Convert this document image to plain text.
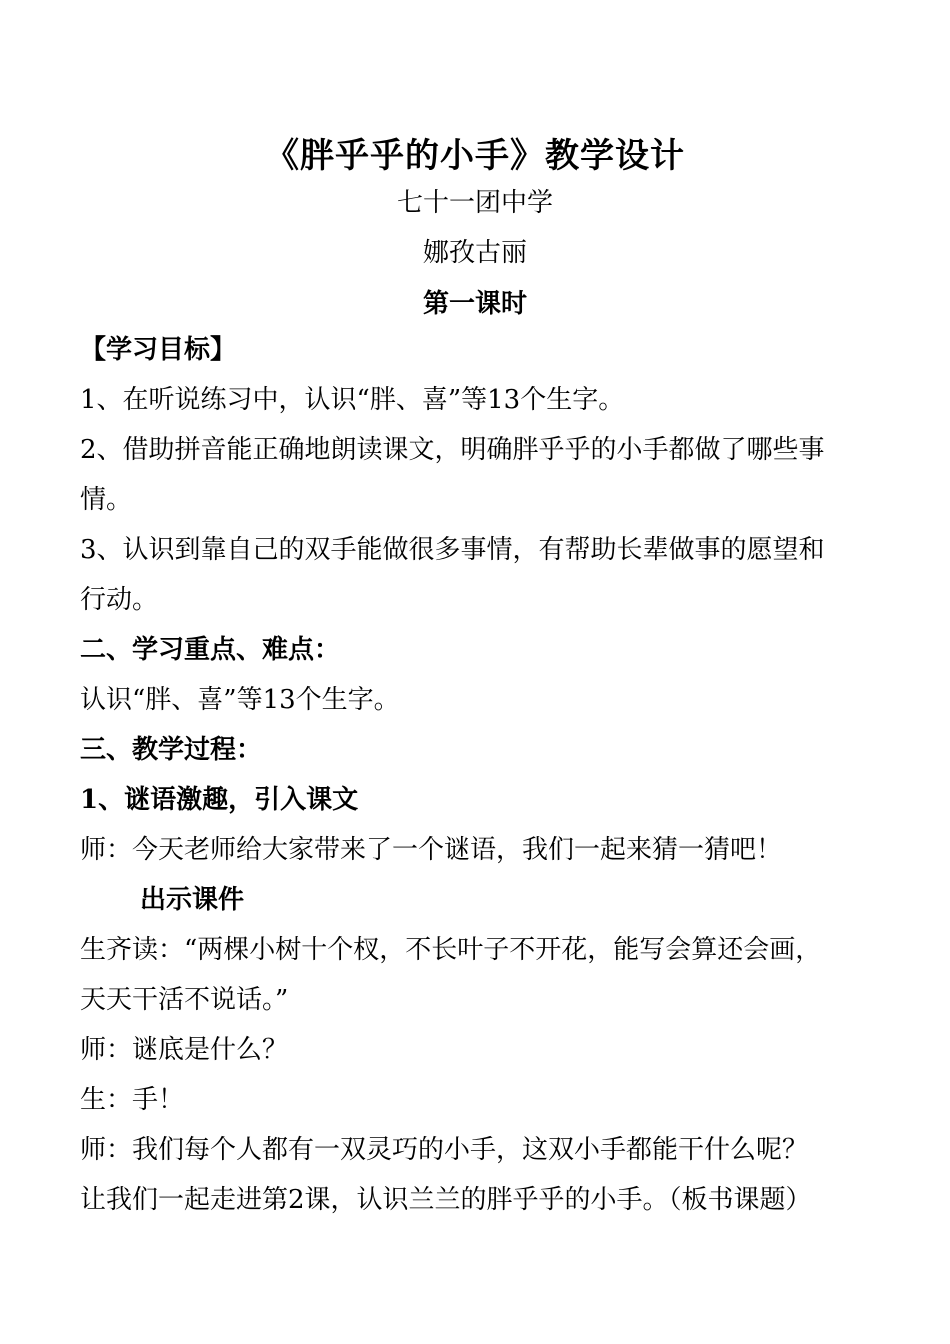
《胖乎乎的小手》教学设计
七十一团中学
娜孜古丽
第一课时
【学习目标】
1、在听说练习中，认识“胖、喜”等13个生字。
2、借助拼音能正确地朗读课文，明确胖乎乎的小手都做了哪些事
情。
3、认识到靠自己的双手能做很多事情，有帮助长辈做事的愿望和
行动。
二、学习重点、难点：
认识“胖、喜”等13个生字。
三、教学过程：
1、谜语激趣，引入课文
师：今天老师给大家带来了一个谜语，我们一起来猜一猜吧！
出示课件
生齐读：“两棵小树十个杈，不长叶子不开花，能写会算还会画，
天天干活不说话。”
师：谜底是什么？
生：手！
师：我们每个人都有一双灵巧的小手，这双小手都能干什么呢？
让我们一起走进第2课，认识兰兰的胖乎乎的小手。（板书课题）
